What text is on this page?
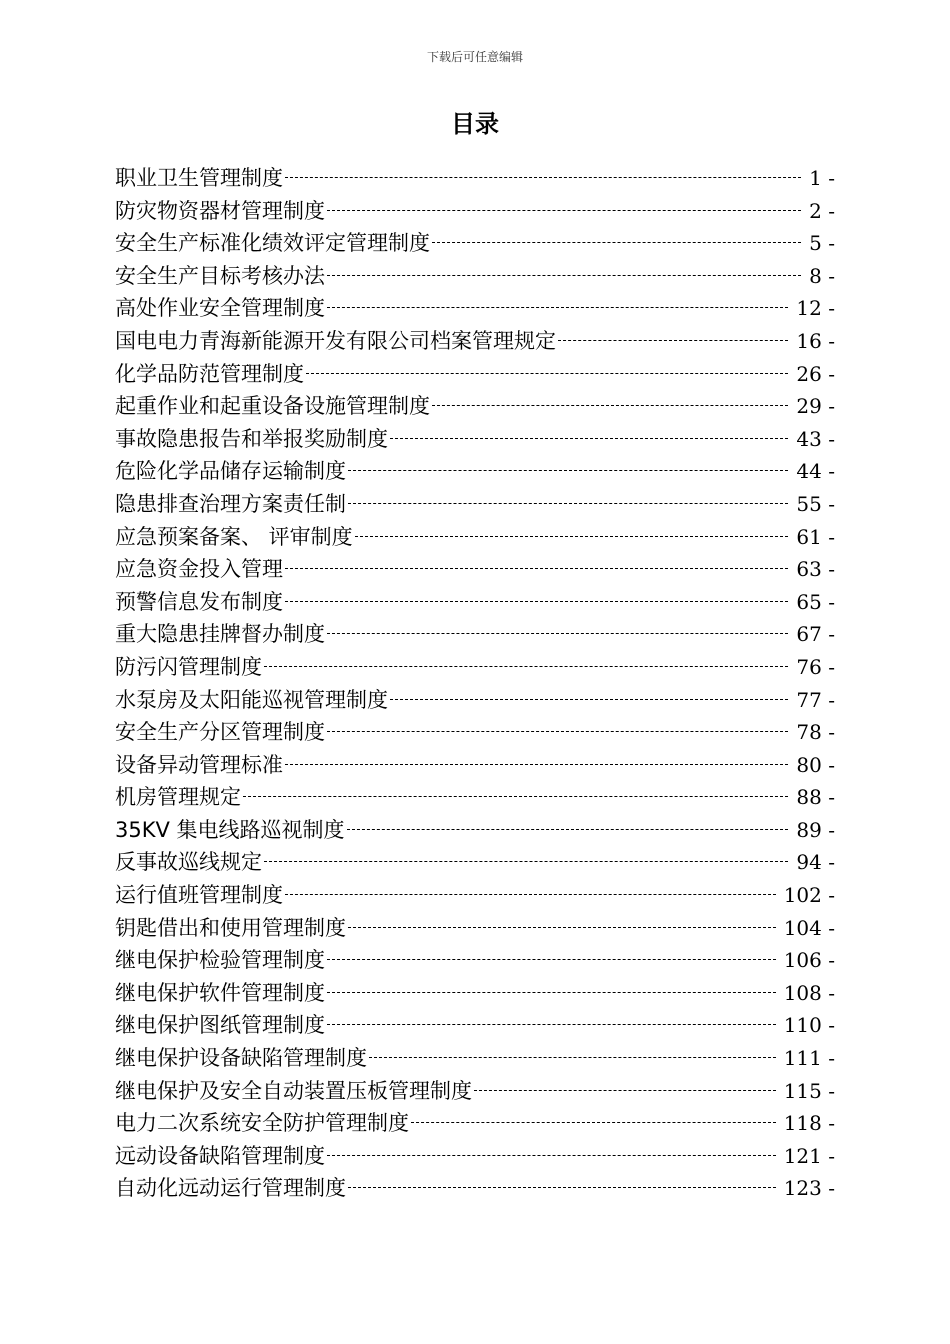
下载后可任意编辑
目录
职业卫生管理制度	1 -
防灾物资器材管理制度	2 -
安全生产标准化绩效评定管理制度	5 -
安全生产目标考核办法	8 -
高处作业安全管理制度	12 -
国电电力青海新能源开发有限公司档案管理规定	16 -
化学品防范管理制度	26 -
起重作业和起重设备设施管理制度	29 -
事故隐患报告和举报奖励制度	43 -
危险化学品储存运输制度	44 -
隐患排查治理方案责任制	55 -
应急预案备案、 评审制度	61 -
应急资金投入管理	63 -
预警信息发布制度	65 -
重大隐患挂牌督办制度	67 -
防污闪管理制度	76 -
水泵房及太阳能巡视管理制度	77 -
安全生产分区管理制度	78 -
设备异动管理标准	80 -
机房管理规定	88 -
35KV 集电线路巡视制度	89 -
反事故巡线规定	94 -
运行值班管理制度	102 -
钥匙借出和使用管理制度	104 -
继电保护检验管理制度	106 -
继电保护软件管理制度	108 -
继电保护图纸管理制度	110 -
继电保护设备缺陷管理制度	111 -
继电保护及安全自动装置压板管理制度	115 -
电力二次系统安全防护管理制度	118 -
远动设备缺陷管理制度	121 -
自动化远动运行管理制度	123 -
